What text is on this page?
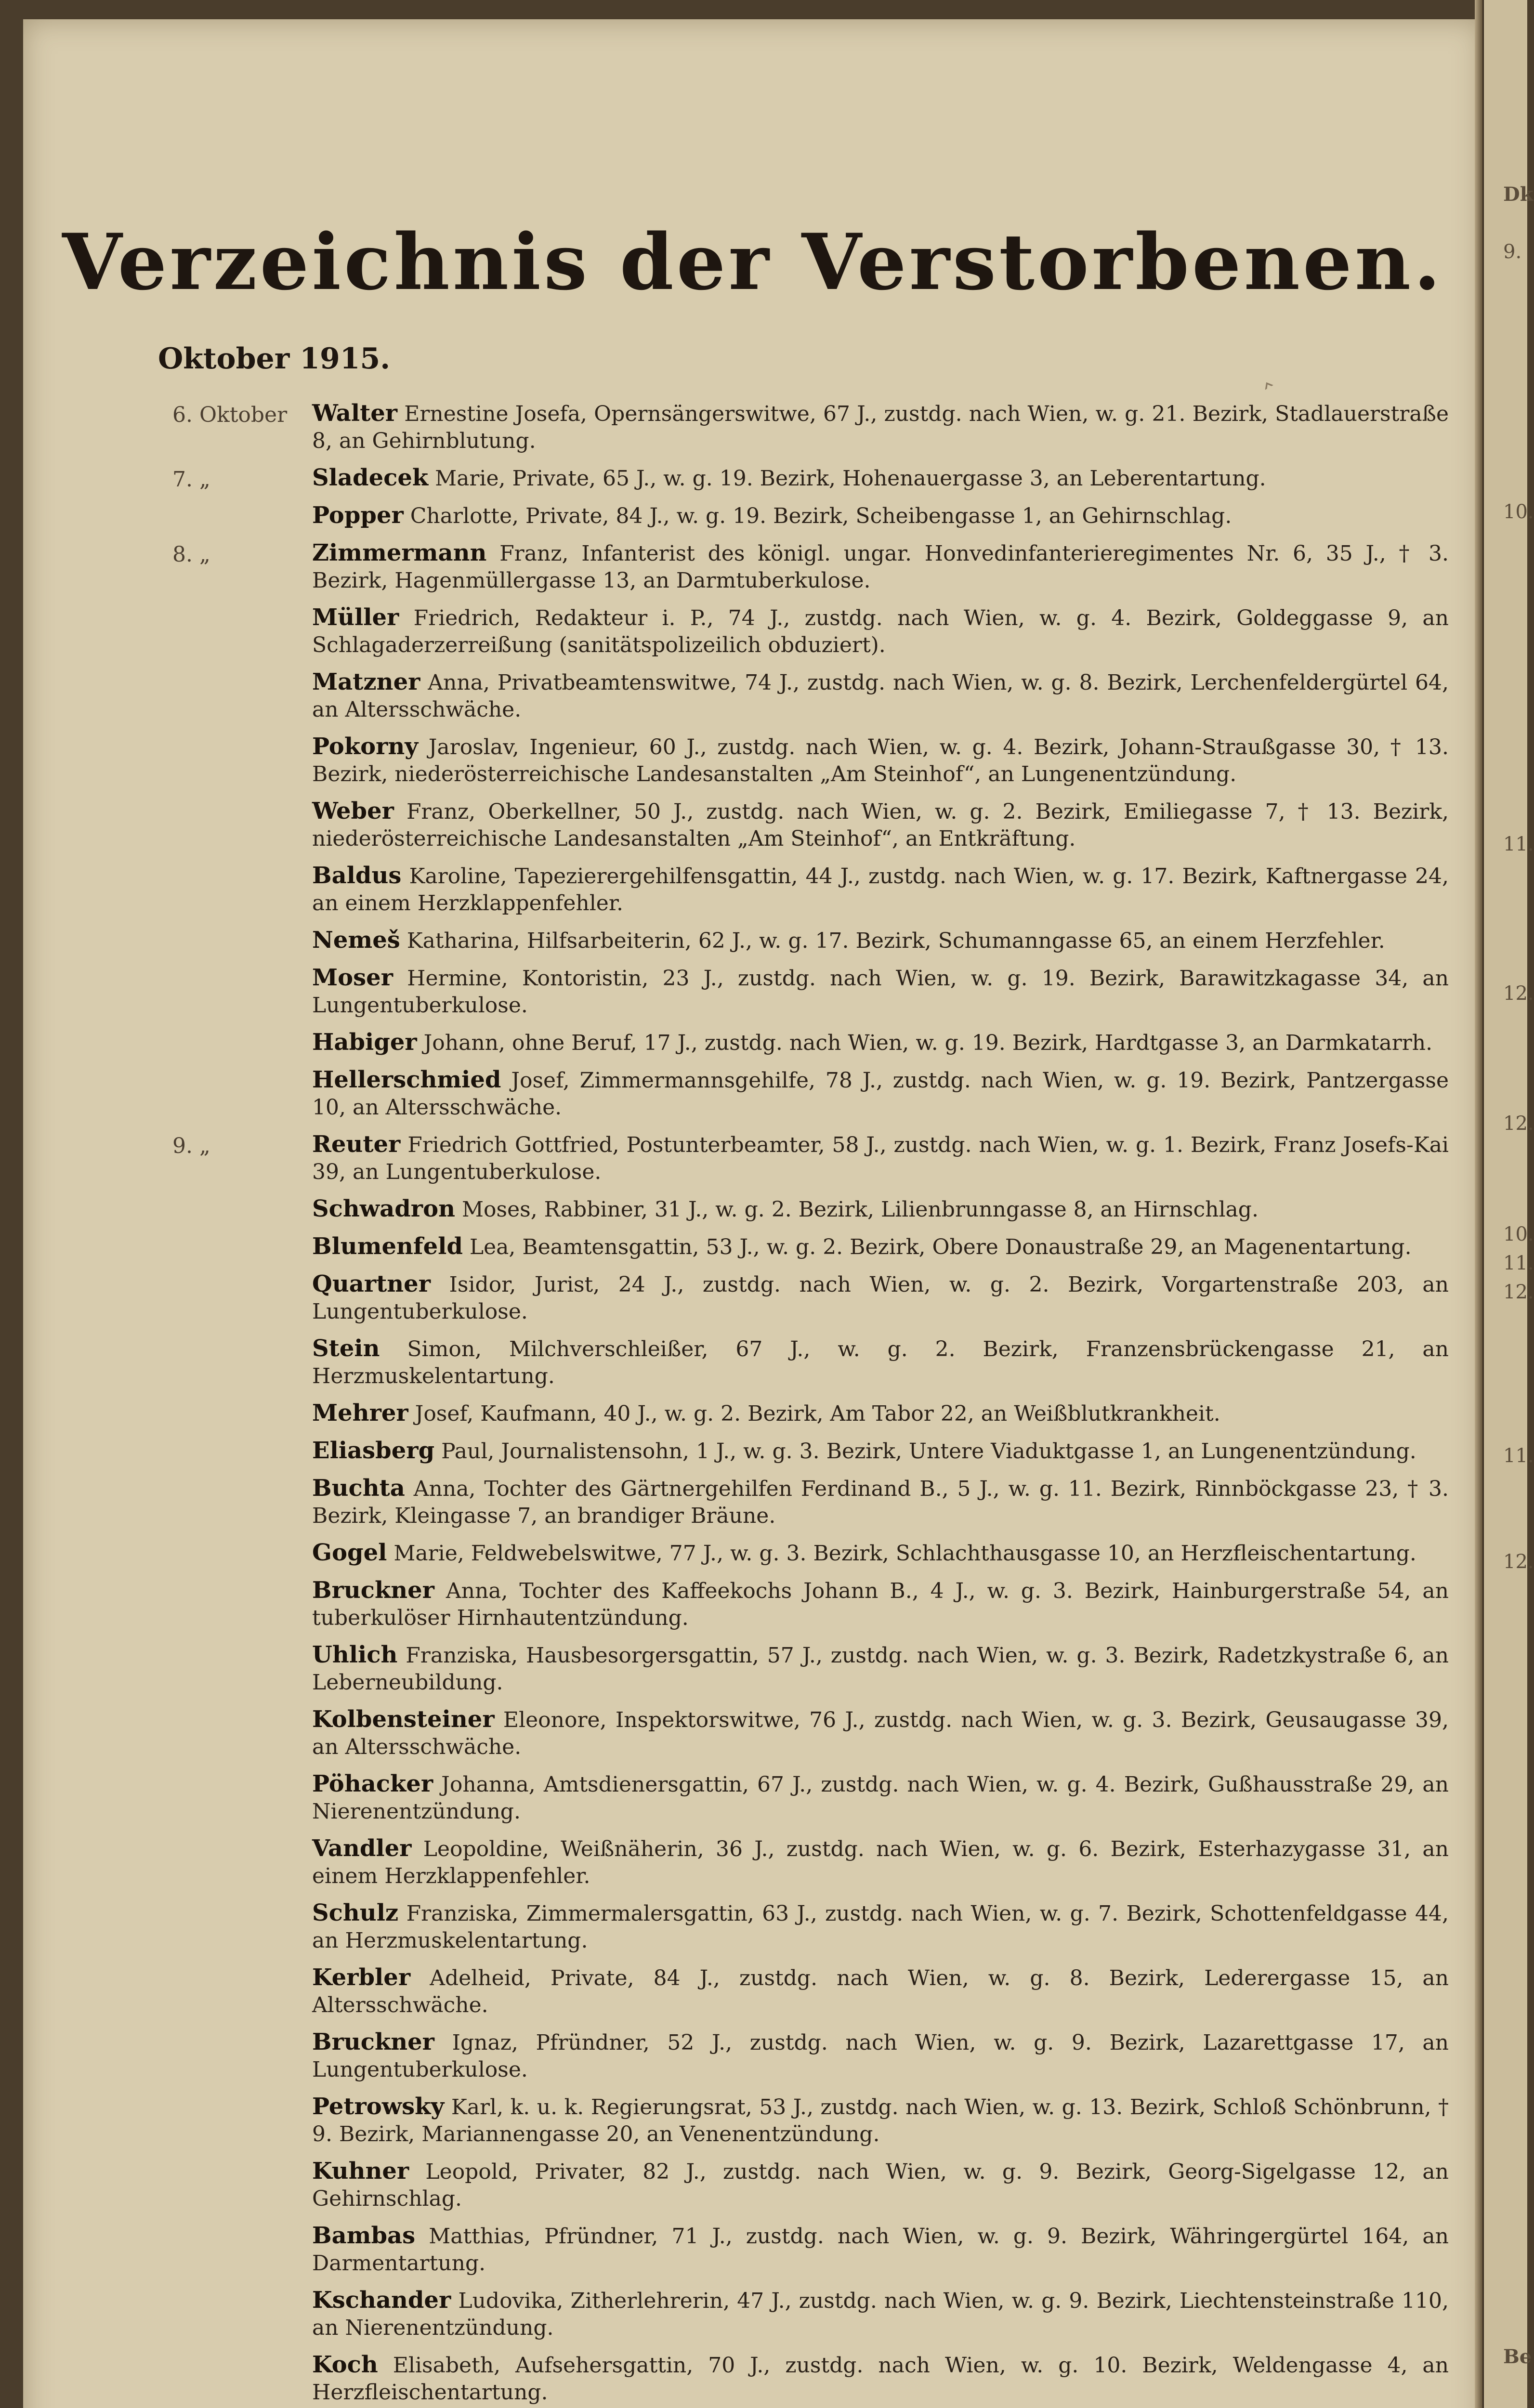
Verzeichnis der Verstorbenen.
Oktober 1915.	‸
6. Oktober	Walter Ernestine Josefa, Opernsängerswitwe, 67 J., zustdg. nach Wien, w. g. 21. Bezirk, Stadlauerstraße 8, an Gehirnblutung.
7. „	Sladecek Marie, Private, 65 J., w. g. 19. Bezirk, Hohenauergasse 3, an Leberentartung.
Popper Charlotte, Private, 84 J., w. g. 19. Bezirk, Scheibengasse 1, an Gehirnschlag.
8. „	Zimmermann Franz, Infanterist des königl. ungar. Honvedinfanterieregimentes Nr. 6, 35 J., † 3. Bezirk, Hagenmüllergasse 13, an Darmtuberkulose.
Müller Friedrich, Redakteur i. P., 74 J., zustdg. nach Wien, w. g. 4. Bezirk, Goldeggasse 9, an Schlagaderzerreißung (sanitätspolizeilich obduziert).
Matzner Anna, Privatbeamtenswitwe, 74 J., zustdg. nach Wien, w. g. 8. Bezirk, Lerchenfeldergürtel 64, an Altersschwäche.
Pokorny Jaroslav, Ingenieur, 60 J., zustdg. nach Wien, w. g. 4. Bezirk, Johann-Straußgasse 30, † 13. Bezirk, niederösterreichische Landesanstalten „Am Steinhof“, an Lungenentzündung.
Weber Franz, Oberkellner, 50 J., zustdg. nach Wien, w. g. 2. Bezirk, Emiliegasse 7, † 13. Bezirk, niederösterreichische Landesanstalten „Am Steinhof“, an Entkräftung.
Baldus Karoline, Tapezierergehilfensgattin, 44 J., zustdg. nach Wien, w. g. 17. Bezirk, Kaftnergasse 24, an einem Herzklappenfehler.
Nemeš Katharina, Hilfsarbeiterin, 62 J., w. g. 17. Bezirk, Schumanngasse 65, an einem Herzfehler.
Moser Hermine, Kontoristin, 23 J., zustdg. nach Wien, w. g. 19. Bezirk, Barawitzkagasse 34, an Lungentuberkulose.
Habiger Johann, ohne Beruf, 17 J., zustdg. nach Wien, w. g. 19. Bezirk, Hardtgasse 3, an Darmkatarrh.
Hellerschmied Josef, Zimmermannsgehilfe, 78 J., zustdg. nach Wien, w. g. 19. Bezirk, Pantzergasse 10, an Altersschwäche.
9. „	Reuter Friedrich Gottfried, Postunterbeamter, 58 J., zustdg. nach Wien, w. g. 1. Bezirk, Franz Josefs-Kai 39, an Lungentuberkulose.
Schwadron Moses, Rabbiner, 31 J., w. g. 2. Bezirk, Lilienbrunngasse 8, an Hirnschlag.
Blumenfeld Lea, Beamtensgattin, 53 J., w. g. 2. Bezirk, Obere Donaustraße 29, an Magenentartung.
Quartner Isidor, Jurist, 24 J., zustdg. nach Wien, w. g. 2. Bezirk, Vorgartenstraße 203, an Lungentuberkulose.
Stein Simon, Milchverschleißer, 67 J., w. g. 2. Bezirk, Franzensbrückengasse 21, an Herzmuskelentartung.
Mehrer Josef, Kaufmann, 40 J., w. g. 2. Bezirk, Am Tabor 22, an Weißblutkrankheit.
Eliasberg Paul, Journalistensohn, 1 J., w. g. 3. Bezirk, Untere Viaduktgasse 1, an Lungenentzündung.
Buchta Anna, Tochter des Gärtnergehilfen Ferdinand B., 5 J., w. g. 11. Bezirk, Rinnböckgasse 23, † 3. Bezirk, Kleingasse 7, an brandiger Bräune.
Gogel Marie, Feldwebelswitwe, 77 J., w. g. 3. Bezirk, Schlachthausgasse 10, an Herzfleischentartung.
Bruckner Anna, Tochter des Kaffeekochs Johann B., 4 J., w. g. 3. Bezirk, Hainburgerstraße 54, an tuberkulöser Hirnhautentzündung.
Uhlich Franziska, Hausbesorgersgattin, 57 J., zustdg. nach Wien, w. g. 3. Bezirk, Radetzkystraße 6, an Leberneubildung.
Kolbensteiner Eleonore, Inspektorswitwe, 76 J., zustdg. nach Wien, w. g. 3. Bezirk, Geusaugasse 39, an Altersschwäche.
Pöhacker Johanna, Amtsdienersgattin, 67 J., zustdg. nach Wien, w. g. 4. Bezirk, Gußhausstraße 29, an Nierenentzündung.
Vandler Leopoldine, Weißnäherin, 36 J., zustdg. nach Wien, w. g. 6. Bezirk, Esterhazygasse 31, an einem Herzklappenfehler.
Schulz Franziska, Zimmermalersgattin, 63 J., zustdg. nach Wien, w. g. 7. Bezirk, Schottenfeldgasse 44, an Herzmuskelentartung.
Kerbler Adelheid, Private, 84 J., zustdg. nach Wien, w. g. 8. Bezirk, Lederergasse 15, an Altersschwäche.
Bruckner Ignaz, Pfründner, 52 J., zustdg. nach Wien, w. g. 9. Bezirk, Lazarettgasse 17, an Lungentuberkulose.
Petrowsky Karl, k. u. k. Regierungsrat, 53 J., zustdg. nach Wien, w. g. 13. Bezirk, Schloß Schönbrunn, † 9. Bezirk, Mariannengasse 20, an Venenentzündung.
Kuhner Leopold, Privater, 82 J., zustdg. nach Wien, w. g. 9. Bezirk, Georg-Sigelgasse 12, an Gehirnschlag.
Bambas Matthias, Pfründner, 71 J., zustdg. nach Wien, w. g. 9. Bezirk, Währingergürtel 164, an Darmentartung.
Kschander Ludovika, Zitherlehrerin, 47 J., zustdg. nach Wien, w. g. 9. Bezirk, Liechtensteinstraße 110, an Nierenentzündung.
Koch Elisabeth, Aufsehersgattin, 70 J., zustdg. nach Wien, w. g. 10. Bezirk, Weldengasse 4, an Herzfleischentartung.
Dk
9.
10.
11.
12.
12.
10.
11.
12.
11.
12.
Be
